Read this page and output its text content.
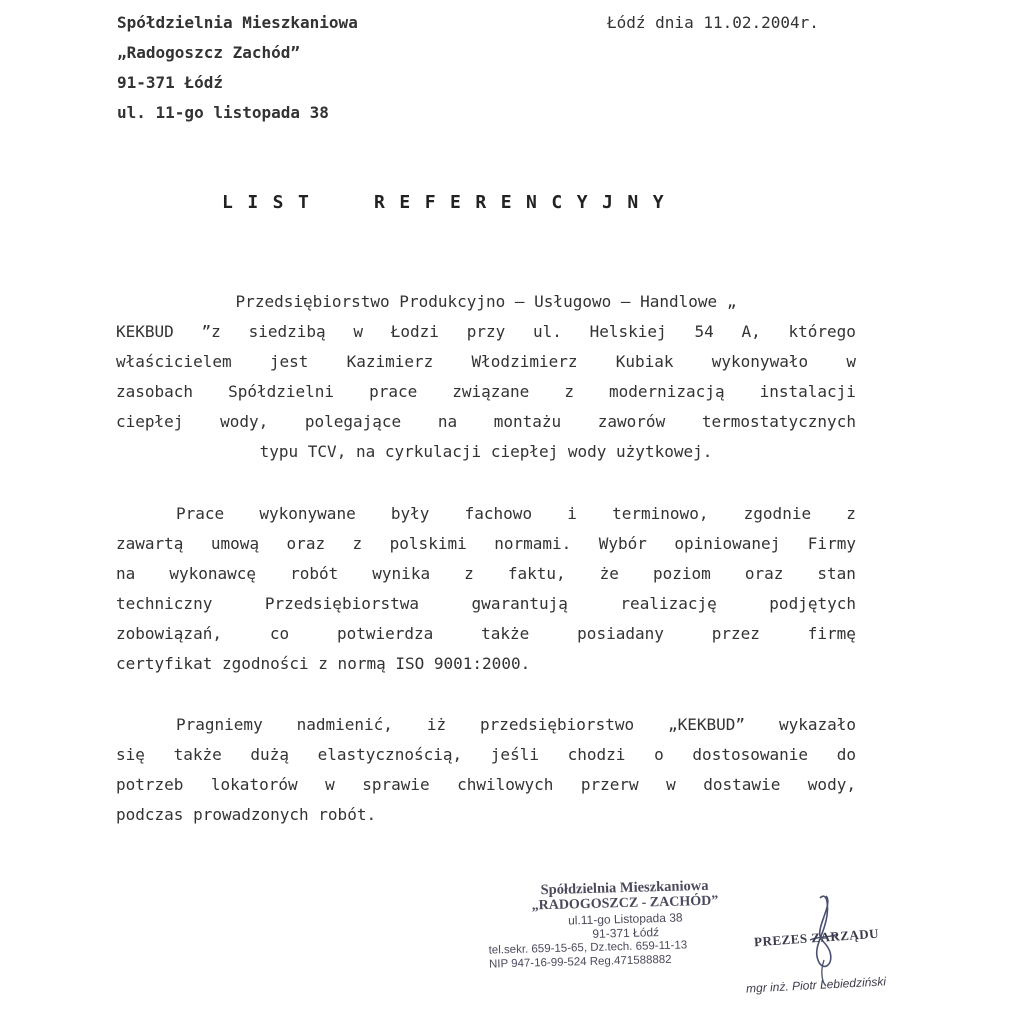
Spółdzielnia Mieszkaniowa
„Radogoszcz Zachód”
91-371 Łódź
ul. 11-go listopada 38
Łódź dnia 11.02.2004r.
LIST  REFERENCYJNY
Przedsiębiorstwo Produkcyjno – Usługowo – Handlowe „
KEKBUD ”z siedzibą w Łodzi przy ul. Helskiej 54 A, którego
właścicielem jest Kazimierz Włodzimierz Kubiak wykonywało w
zasobach Spółdzielni prace związane z modernizacją instalacji
ciepłej wody, polegające na montażu zaworów termostatycznych
typu TCV, na cyrkulacji ciepłej wody użytkowej.
Prace wykonywane były fachowo i terminowo, zgodnie z
zawartą umową oraz z polskimi normami. Wybór opiniowanej Firmy
na wykonawcę robót wynika z faktu, że poziom oraz stan
techniczny	Przedsiębiorstwa	gwarantują	realizację	podjętych
zobowiązań,	co	potwierdza	także	posiadany	przez	firmę
certyfikat zgodności z normą ISO 9001:2000.
Pragniemy nadmienić, iż przedsiębiorstwo „KEKBUD” wykazało
się także dużą elastycznością, jeśli chodzi o dostosowanie do
potrzeb lokatorów w sprawie chwilowych przerw w dostawie wody,
podczas prowadzonych robót.
Spółdzielnia Mieszkaniowa
„RADOGOSZCZ - ZACHÓD”
ul.11-go Listopada 38
91-371 Łódź
tel.sekr. 659-15-65, Dz.tech. 659-11-13
NIP 947-16-99-524 Reg.471588882
PREZES ZARZĄDU
mgr inż. Piotr Lebiedziński
